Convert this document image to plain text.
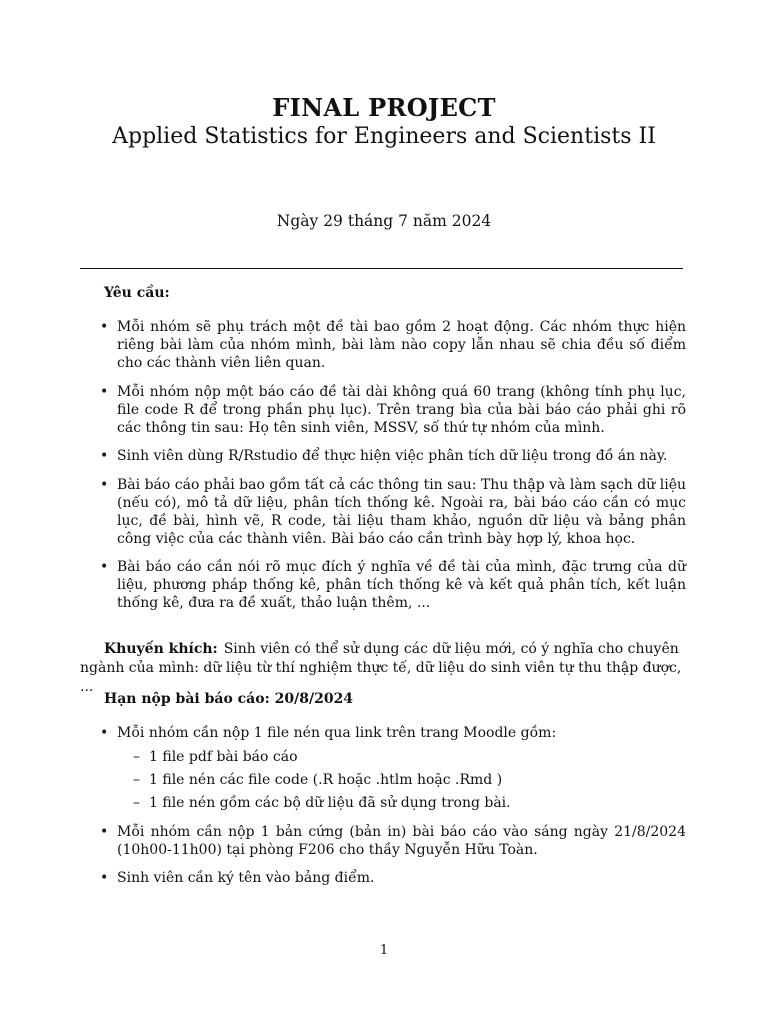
FINAL PROJECT
Applied Statistics for Engineers and Scientists II
Ngày 29 tháng 7 năm 2024
Yêu cầu:
• Mỗi nhóm sẽ phụ trách một đề tài bao gồm 2 hoạt động. Các nhóm thực hiện riêng bài làm của nhóm mình, bài làm nào copy lẫn nhau sẽ chia đều số điểm cho các thành viên liên quan.
• Mỗi nhóm nộp một báo cáo đề tài dài không quá 60 trang (không tính phụ lục, file code R để trong phần phụ lục). Trên trang bìa của bài báo cáo phải ghi rõ các thông tin sau: Họ tên sinh viên, MSSV, số thứ tự nhóm của mình.
• Sinh viên dùng R/Rstudio để thực hiện việc phân tích dữ liệu trong đồ án này.
• Bài báo cáo phải bao gồm tất cả các thông tin sau: Thu thập và làm sạch dữ liệu (nếu có), mô tả dữ liệu, phân tích thống kê. Ngoài ra, bài báo cáo cần có mục lục, đề bài, hình vẽ, R code, tài liệu tham khảo, nguồn dữ liệu và bảng phân công việc của các thành viên. Bài báo cáo cần trình bày hợp lý, khoa học.
• Bài báo cáo cần nói rõ mục đích ý nghĩa về đề tài của mình, đặc trưng của dữ liệu, phương pháp thống kê, phân tích thống kê và kết quả phân tích, kết luận thống kê, đưa ra đề xuất, thảo luận thêm, ...

Khuyến khích: Sinh viên có thể sử dụng các dữ liệu mới, có ý nghĩa cho chuyên ngành của mình: dữ liệu từ thí nghiệm thực tế, dữ liệu do sinh viên tự thu thập được, ...

Hạn nộp bài báo cáo: 20/8/2024
• Mỗi nhóm cần nộp 1 file nén qua link trên trang Moodle gồm:
– 1 file pdf bài báo cáo
– 1 file nén các file code (.R hoặc .htlm hoặc .Rmd )
– 1 file nén gồm các bộ dữ liệu đã sử dụng trong bài.
• Mỗi nhóm cần nộp 1 bản cứng (bản in) bài báo cáo vào sáng ngày 21/8/2024 (10h00-11h00) tại phòng F206 cho thầy Nguyễn Hữu Toàn.
• Sinh viên cần ký tên vào bảng điểm.
1
